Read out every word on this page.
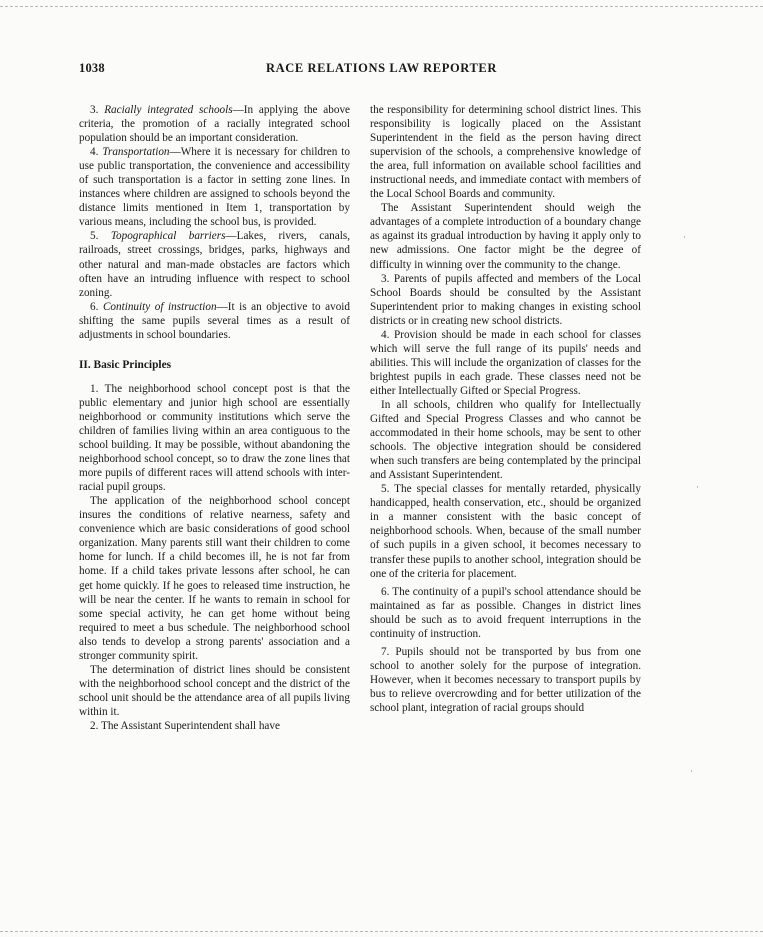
1038	RACE RELATIONS LAW REPORTER

3. Racially integrated schools—In applying the above criteria, the promotion of a racially integrated school population should be an important consideration.

4. Transportation—Where it is necessary for children to use public transportation, the convenience and accessibility of such transportation is a factor in setting zone lines. In instances where children are assigned to schools beyond the distance limits mentioned in Item 1, transportation by various means, including the school bus, is provided.

5. Topographical barriers—Lakes, rivers, canals, railroads, street crossings, bridges, parks, highways and other natural and man-made obstacles are factors which often have an intruding influence with respect to school zoning.

6. Continuity of instruction—It is an objective to avoid shifting the same pupils several times as a result of adjustments in school boundaries.

II. Basic Principles

1. The neighborhood school concept post is that the public elementary and junior high school are essentially neighborhood or community institutions which serve the children of families living within an area contiguous to the school building. It may be possible, without abandoning the neighborhood school concept, so to draw the zone lines that more pupils of different races will attend schools with inter-racial pupil groups.

The application of the neighborhood school concept insures the conditions of relative nearness, safety and convenience which are basic considerations of good school organization. Many parents still want their children to come home for lunch. If a child becomes ill, he is not far from home. If a child takes private lessons after school, he can get home quickly. If he goes to released time instruction, he will be near the center. If he wants to remain in school for some special activity, he can get home without being required to meet a bus schedule. The neighborhood school also tends to develop a strong parents' association and a stronger community spirit.

The determination of district lines should be consistent with the neighborhood school concept and the district of the school unit should be the attendance area of all pupils living within it.

2. The Assistant Superintendent shall have

the responsibility for determining school district lines. This responsibility is logically placed on the Assistant Superintendent in the field as the person having direct supervision of the schools, a comprehensive knowledge of the area, full information on available school facilities and instructional needs, and immediate contact with members of the Local School Boards and community.

The Assistant Superintendent should weigh the advantages of a complete introduction of a boundary change as against its gradual introduction by having it apply only to new admissions. One factor might be the degree of difficulty in winning over the community to the change.

3. Parents of pupils affected and members of the Local School Boards should be consulted by the Assistant Superintendent prior to making changes in existing school districts or in creating new school districts.

4. Provision should be made in each school for classes which will serve the full range of its pupils' needs and abilities. This will include the organization of classes for the brightest pupils in each grade. These classes need not be either Intellectually Gifted or Special Progress.

In all schools, children who qualify for Intellectually Gifted and Special Progress Classes and who cannot be accommodated in their home schools, may be sent to other schools. The objective integration should be considered when such transfers are being contemplated by the principal and Assistant Superintendent.

5. The special classes for mentally retarded, physically handicapped, health conservation, etc., should be organized in a manner consistent with the basic concept of neighborhood schools. When, because of the small number of such pupils in a given school, it becomes necessary to transfer these pupils to another school, integration should be one of the criteria for placement.

6. The continuity of a pupil's school attendance should be maintained as far as possible. Changes in district lines should be such as to avoid frequent interruptions in the continuity of instruction.

7. Pupils should not be transported by bus from one school to another solely for the purpose of integration. However, when it becomes necessary to transport pupils by bus to relieve overcrowding and for better utilization of the school plant, integration of racial groups should

·
·
·
